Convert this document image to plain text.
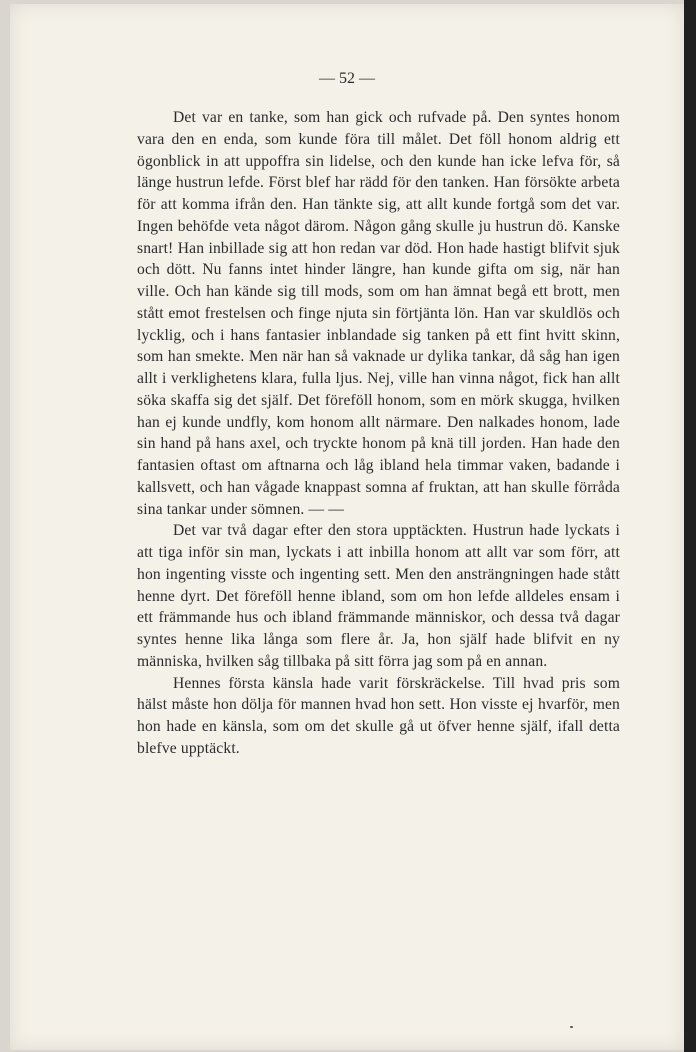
— 52 —

Det var en tanke, som han gick och rufvade på. Den syntes honom vara den en enda, som kunde föra till målet. Det föll honom aldrig ett ögonblick in att uppoffra sin lidelse, och den kunde han icke lefva för, så länge hustrun lefde. Först blef har rädd för den tanken. Han försökte arbeta för att komma ifrån den. Han tänkte sig, att allt kunde fortgå som det var. Ingen behöfde veta något därom. Någon gång skulle ju hustrun dö. Kanske snart! Han inbillade sig att hon redan var död. Hon hade hastigt blifvit sjuk och dött. Nu fanns intet hinder längre, han kunde gifta om sig, när han ville. Och han kände sig till mods, som om han ämnat begå ett brott, men stått emot frestelsen och finge njuta sin förtjänta lön. Han var skuldlös och lycklig, och i hans fantasier inblandade sig tanken på ett fint hvitt skinn, som han smekte. Men när han så vaknade ur dylika tankar, då såg han igen allt i verklighetens klara, fulla ljus. Nej, ville han vinna något, fick han allt söka skaffa sig det själf. Det föreföll honom, som en mörk skugga, hvilken han ej kunde undfly, kom honom allt närmare. Den nalkades honom, lade sin hand på hans axel, och tryckte honom på knä till jorden. Han hade den fantasien oftast om aftnarna och låg ibland hela timmar vaken, badande i kallsvett, och han vågade knappast somna af fruktan, att han skulle förråda sina tankar under sömnen. — —

Det var två dagar efter den stora upptäckten. Hustrun hade lyckats i att tiga inför sin man, lyckats i att inbilla honom att allt var som förr, att hon ingenting visste och ingenting sett. Men den ansträngningen hade stått henne dyrt. Det föreföll henne ibland, som om hon lefde alldeles ensam i ett främmande hus och ibland främmande människor, och dessa två dagar syntes henne lika långa som flere år. Ja, hon själf hade blifvit en ny människa, hvilken såg tillbaka på sitt förra jag som på en annan.

Hennes första känsla hade varit förskräckelse. Till hvad pris som hälst måste hon dölja för mannen hvad hon sett. Hon visste ej hvarför, men hon hade en känsla, som om det skulle gå ut öfver henne själf, ifall detta blefve upptäckt.
